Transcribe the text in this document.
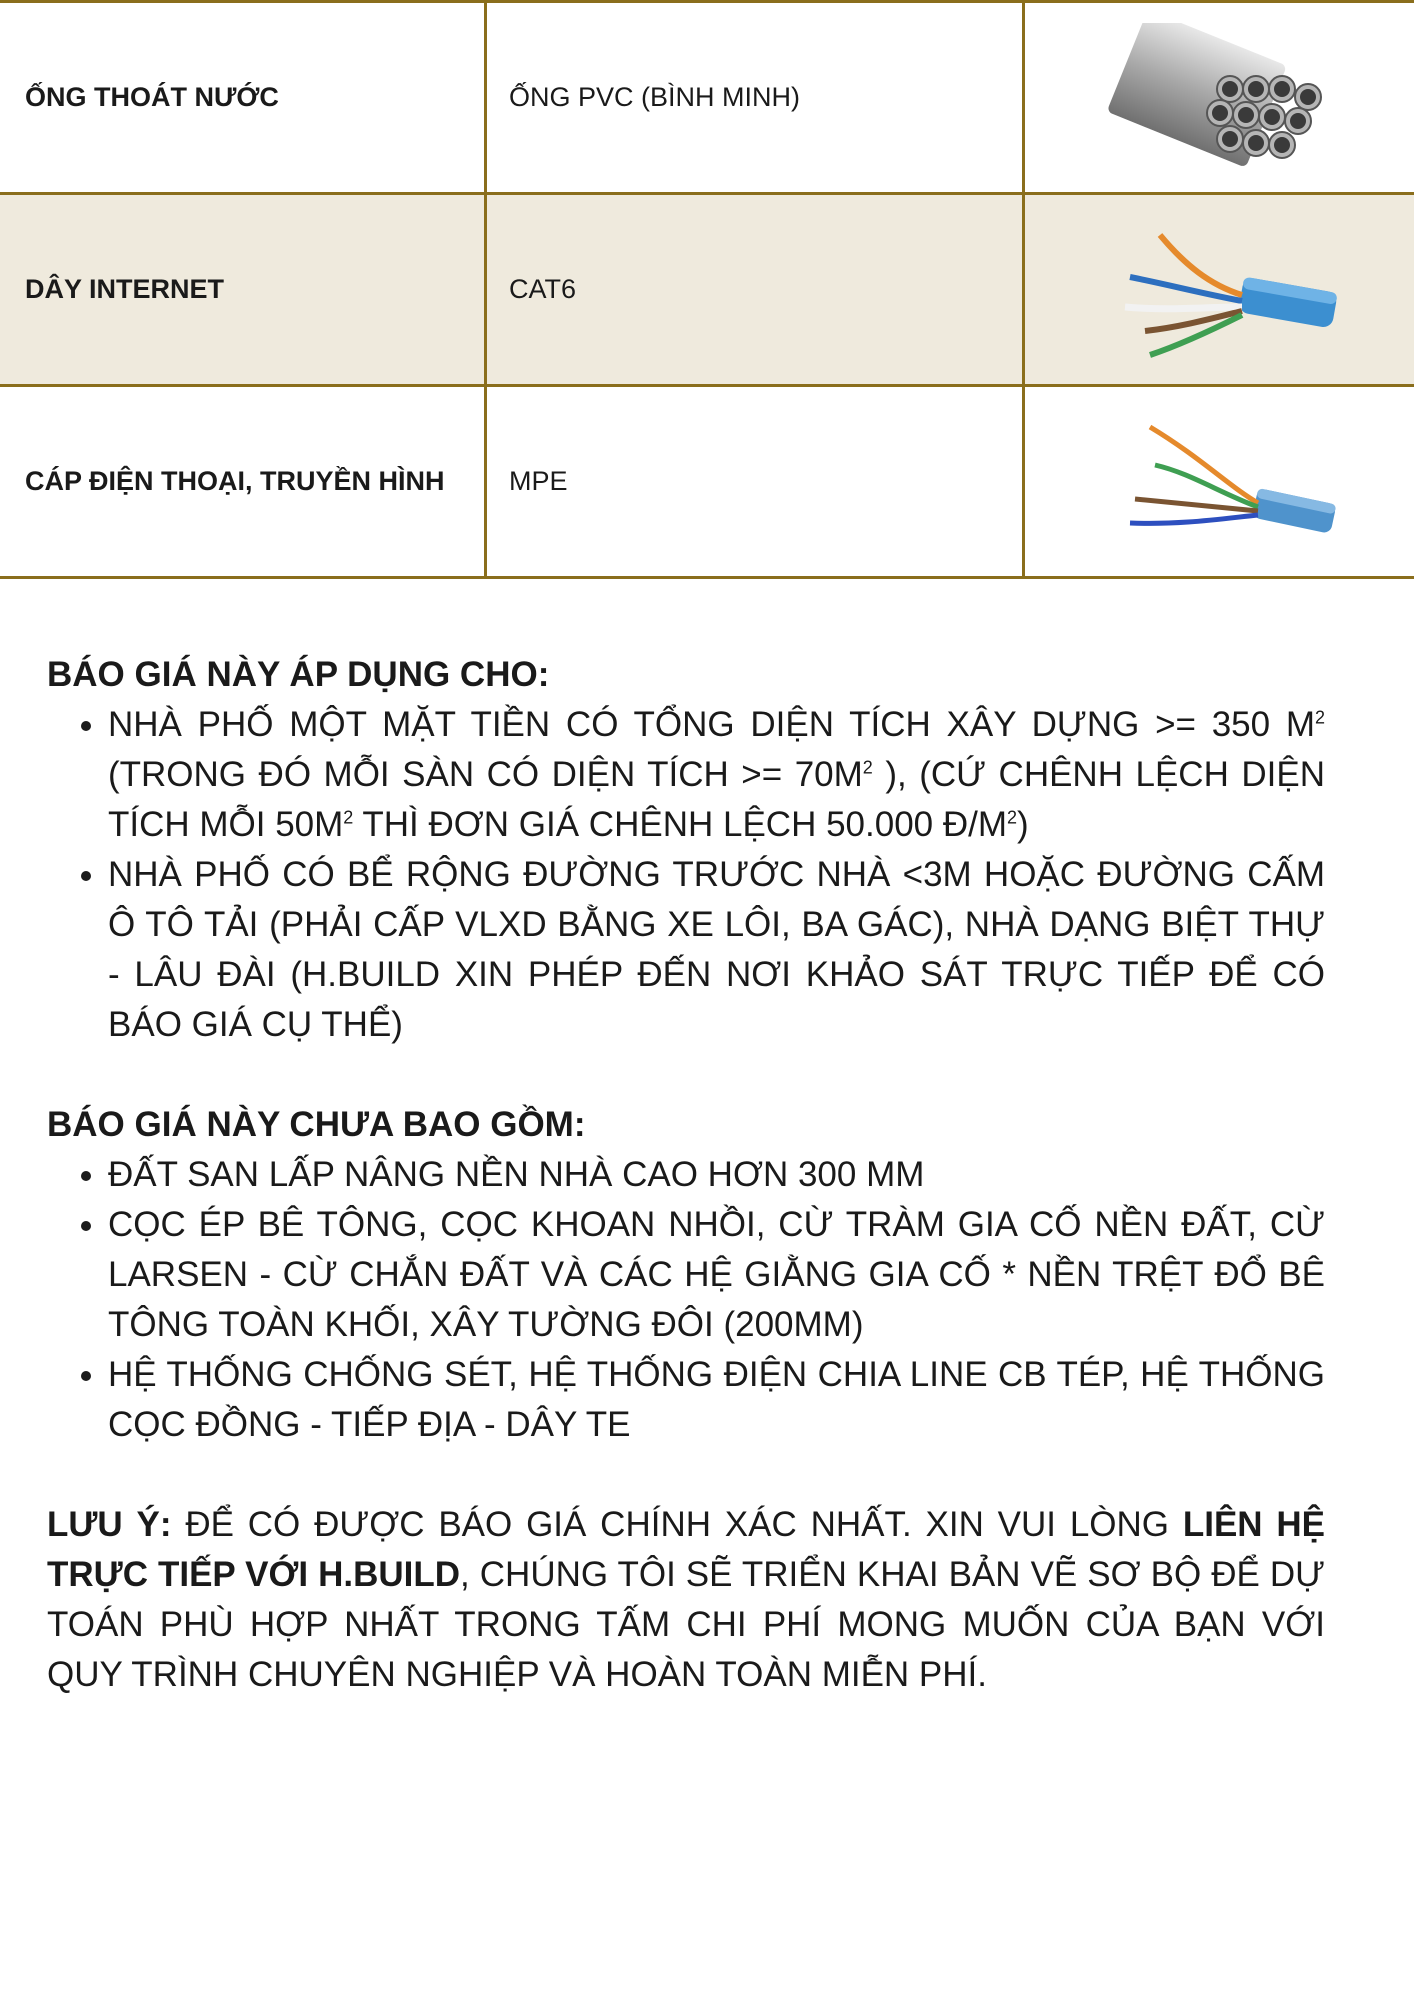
ỐNG THOÁT NƯỚC	ỐNG PVC (BÌNH MINH)	

DÂY INTERNET	CAT6	

CÁP ĐIỆN THOẠI, TRUYỀN HÌNH	MPE	

BÁO GIÁ NÀY ÁP DỤNG CHO:

• NHÀ PHỐ MỘT MẶT TIỀN CÓ TỔNG DIỆN TÍCH XÂY DỰNG >= 350 $M^2$ (TRONG ĐÓ MỖI SÀN CÓ DIỆN TÍCH >= $70M^2$ ), (CỨ CHÊNH LỆCH DIỆN TÍCH MỖI $50M^2$ THÌ ĐƠN GIÁ CHÊNH LỆCH 50.000 $Đ/M^2$)
• NHÀ PHỐ CÓ BỂ RỘNG ĐƯỜNG TRƯỚC NHÀ <3M HOẶC ĐƯỜNG CẤM Ô TÔ TẢI (PHẢI CẤP VLXD BẰNG XE LÔI, BA GÁC), NHÀ DẠNG BIỆT THỰ - LÂU ĐÀI (H.BUILD XIN PHÉP ĐẾN NƠI KHẢO SÁT TRỰC TIẾP ĐỂ CÓ BÁO GIÁ CỤ THỂ)

BÁO GIÁ NÀY CHƯA BAO GỒM:

• ĐẤT SAN LẤP NÂNG NỀN NHÀ CAO HƠN 300 MM
• CỌC ÉP BÊ TÔNG, CỌC KHOAN NHỒI, CỪ TRÀM GIA CỐ NỀN ĐẤT, CỪ LARSEN - CỪ CHẮN ĐẤT VÀ CÁC HỆ GIẰNG GIA CỐ * NỀN TRỆT ĐỔ BÊ TÔNG TOÀN KHỐI, XÂY TƯỜNG ĐÔI (200MM)
• HỆ THỐNG CHỐNG SÉT, HỆ THỐNG ĐIỆN CHIA LINE CB TÉP, HỆ THỐNG CỌC ĐỒNG - TIẾP ĐỊA - DÂY TE

LƯU Ý: ĐỂ CÓ ĐƯỢC BÁO GIÁ CHÍNH XÁC NHẤT. XIN VUI LÒNG LIÊN HỆ TRỰC TIẾP VỚI H.BUILD, CHÚNG TÔI SẼ TRIỂN KHAI BẢN VẼ SƠ BỘ ĐỂ DỰ TOÁN PHÙ HỢP NHẤT TRONG TẤM CHI PHÍ MONG MUỐN CỦA BẠN VỚI QUY TRÌNH CHUYÊN NGHIỆP VÀ HOÀN TOÀN MIỄN PHÍ.
